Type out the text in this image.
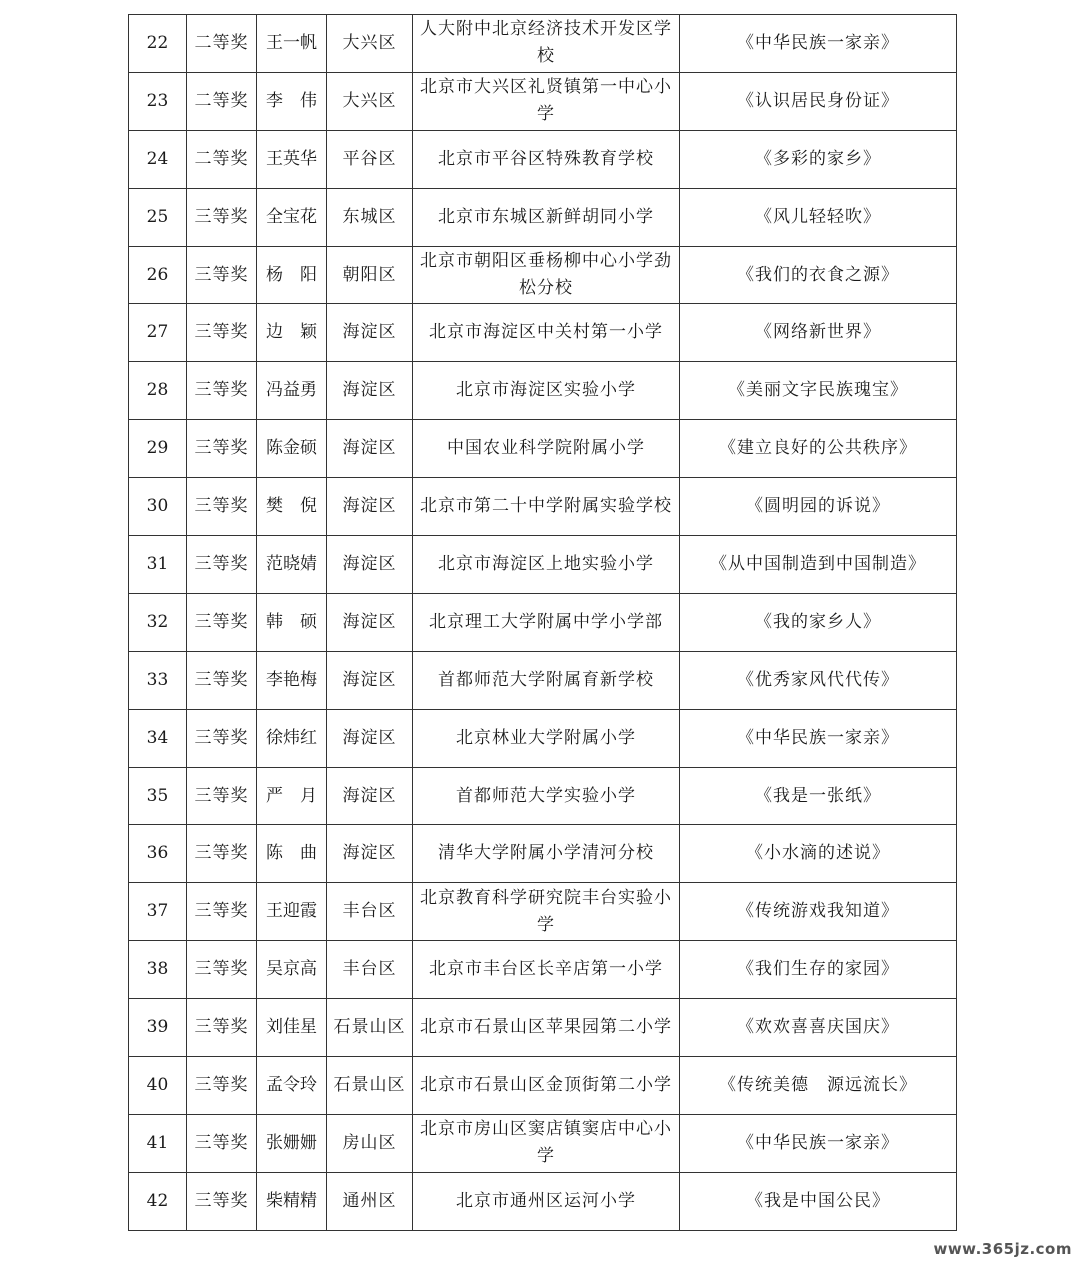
22	二等奖	王一帆	大兴区	人大附中北京经济技术开发区学校	《中华民族一家亲》
23	二等奖	李　伟	大兴区	北京市大兴区礼贤镇第一中心小学	《认识居民身份证》
24	二等奖	王英华	平谷区	北京市平谷区特殊教育学校	《多彩的家乡》
25	三等奖	全宝花	东城区	北京市东城区新鲜胡同小学	《风儿轻轻吹》
26	三等奖	杨　阳	朝阳区	北京市朝阳区垂杨柳中心小学劲松分校	《我们的衣食之源》
27	三等奖	边　颖	海淀区	北京市海淀区中关村第一小学	《网络新世界》
28	三等奖	冯益勇	海淀区	北京市海淀区实验小学	《美丽文字民族瑰宝》
29	三等奖	陈金硕	海淀区	中国农业科学院附属小学	《建立良好的公共秩序》
30	三等奖	樊　倪	海淀区	北京市第二十中学附属实验学校	《圆明园的诉说》
31	三等奖	范晓婧	海淀区	北京市海淀区上地实验小学	《从中国制造到中国制造》
32	三等奖	韩　硕	海淀区	北京理工大学附属中学小学部	《我的家乡人》
33	三等奖	李艳梅	海淀区	首都师范大学附属育新学校	《优秀家风代代传》
34	三等奖	徐炜红	海淀区	北京林业大学附属小学	《中华民族一家亲》
35	三等奖	严　月	海淀区	首都师范大学实验小学	《我是一张纸》
36	三等奖	陈　曲	海淀区	清华大学附属小学清河分校	《小水滴的述说》
37	三等奖	王迎霞	丰台区	北京教育科学研究院丰台实验小学	《传统游戏我知道》
38	三等奖	吴京高	丰台区	北京市丰台区长辛店第一小学	《我们生存的家园》
39	三等奖	刘佳星	石景山区	北京市石景山区苹果园第二小学	《欢欢喜喜庆国庆》
40	三等奖	孟令玲	石景山区	北京市石景山区金顶街第二小学	《传统美德　源远流长》
41	三等奖	张姗姗	房山区	北京市房山区窦店镇窦店中心小学	《中华民族一家亲》
42	三等奖	柴精精	通州区	北京市通州区运河小学	《我是中国公民》
www.365jz.com
